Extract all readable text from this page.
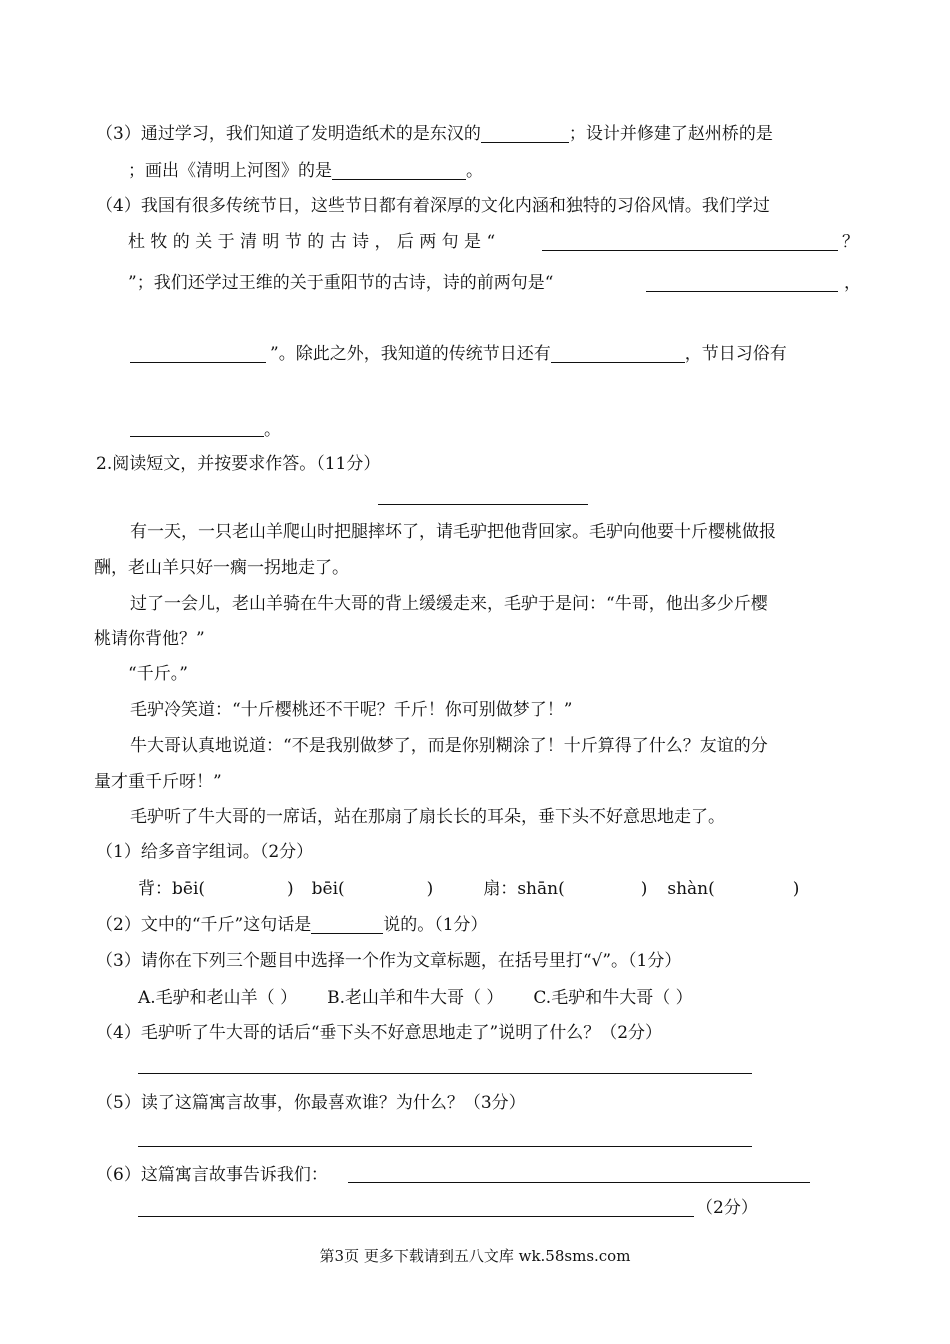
（3）通过学习，我们知道了发明造纸术的是东汉的	；设计并修建了赵州桥的是
；画出《清明上河图》的是	。
（4）我国有很多传统节日，这些节日都有着深厚的文化内涵和独特的习俗风情。我们学过
杜 牧 的 关 于 清 明 节 的 古 诗 ， 后 两 句 是 “	？
”；我们还学过王维的关于重阳节的古诗，诗的前两句是“	，
”。除此之外，我知道的传统节日还有	，节日习俗有
。
2.阅读短文，并按要求作答。（11分）
有一天，一只老山羊爬山时把腿摔坏了，请毛驴把他背回家。毛驴向他要十斤樱桃做报
酬，老山羊只好一瘸一拐地走了。
过了一会儿，老山羊骑在牛大哥的背上缓缓走来，毛驴于是问：“牛哥，他出多少斤樱
桃请你背他？”
“千斤。”
毛驴冷笑道：“十斤樱桃还不干呢？千斤！你可别做梦了！”
牛大哥认真地说道：“不是我别做梦了，而是你别糊涂了！十斤算得了什么？友谊的分
量才重千斤呀！”
毛驴听了牛大哥的一席话，站在那扇了扇长长的耳朵，垂下头不好意思地走了。
（1）给多音字组词。（2分）
背：bēi(	) bēi(	)	扇：shān(	) shàn(	)
（2）文中的“千斤”这句话是	说的。（1分）
（3）请你在下列三个题目中选择一个作为文章标题，在括号里打“√”。（1分）
A.毛驴和老山羊（ ） B.老山羊和牛大哥（ ） C.毛驴和牛大哥（ ）
（4）毛驴听了牛大哥的话后“垂下头不好意思地走了”说明了什么？（2分）
（5）读了这篇寓言故事，你最喜欢谁？为什么？（3分）
（6）这篇寓言故事告诉我们：
（2分）
第3页 更多下载请到五八文库 wk.58sms.com
